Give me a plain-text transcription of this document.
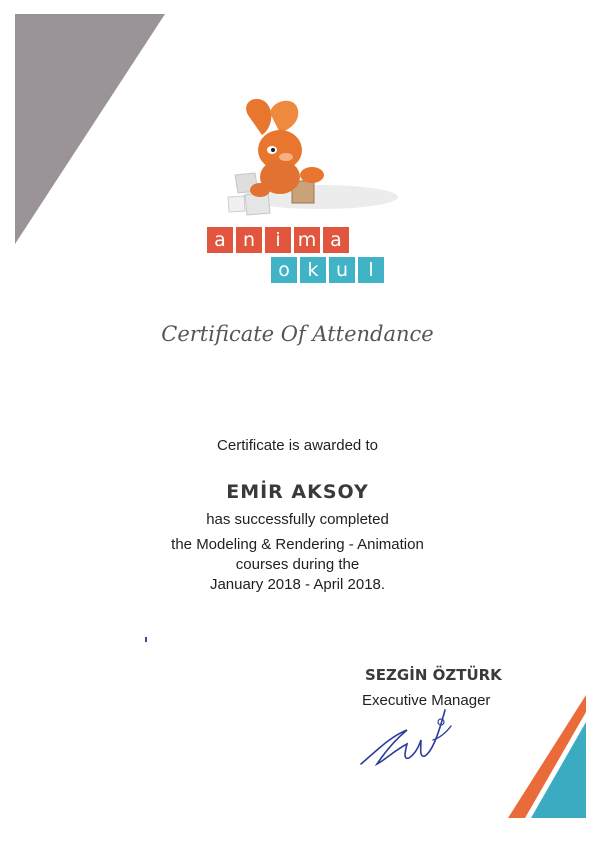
a n	i m a
o k u	l
Certificate Of Attendance
Certificate is awarded to
EMİR AKSOY
has successfully completed
the Modeling & Rendering - Animation
courses during the
January 2018 - April 2018.
SEZGİN ÖZTÜRK
Executive Manager
